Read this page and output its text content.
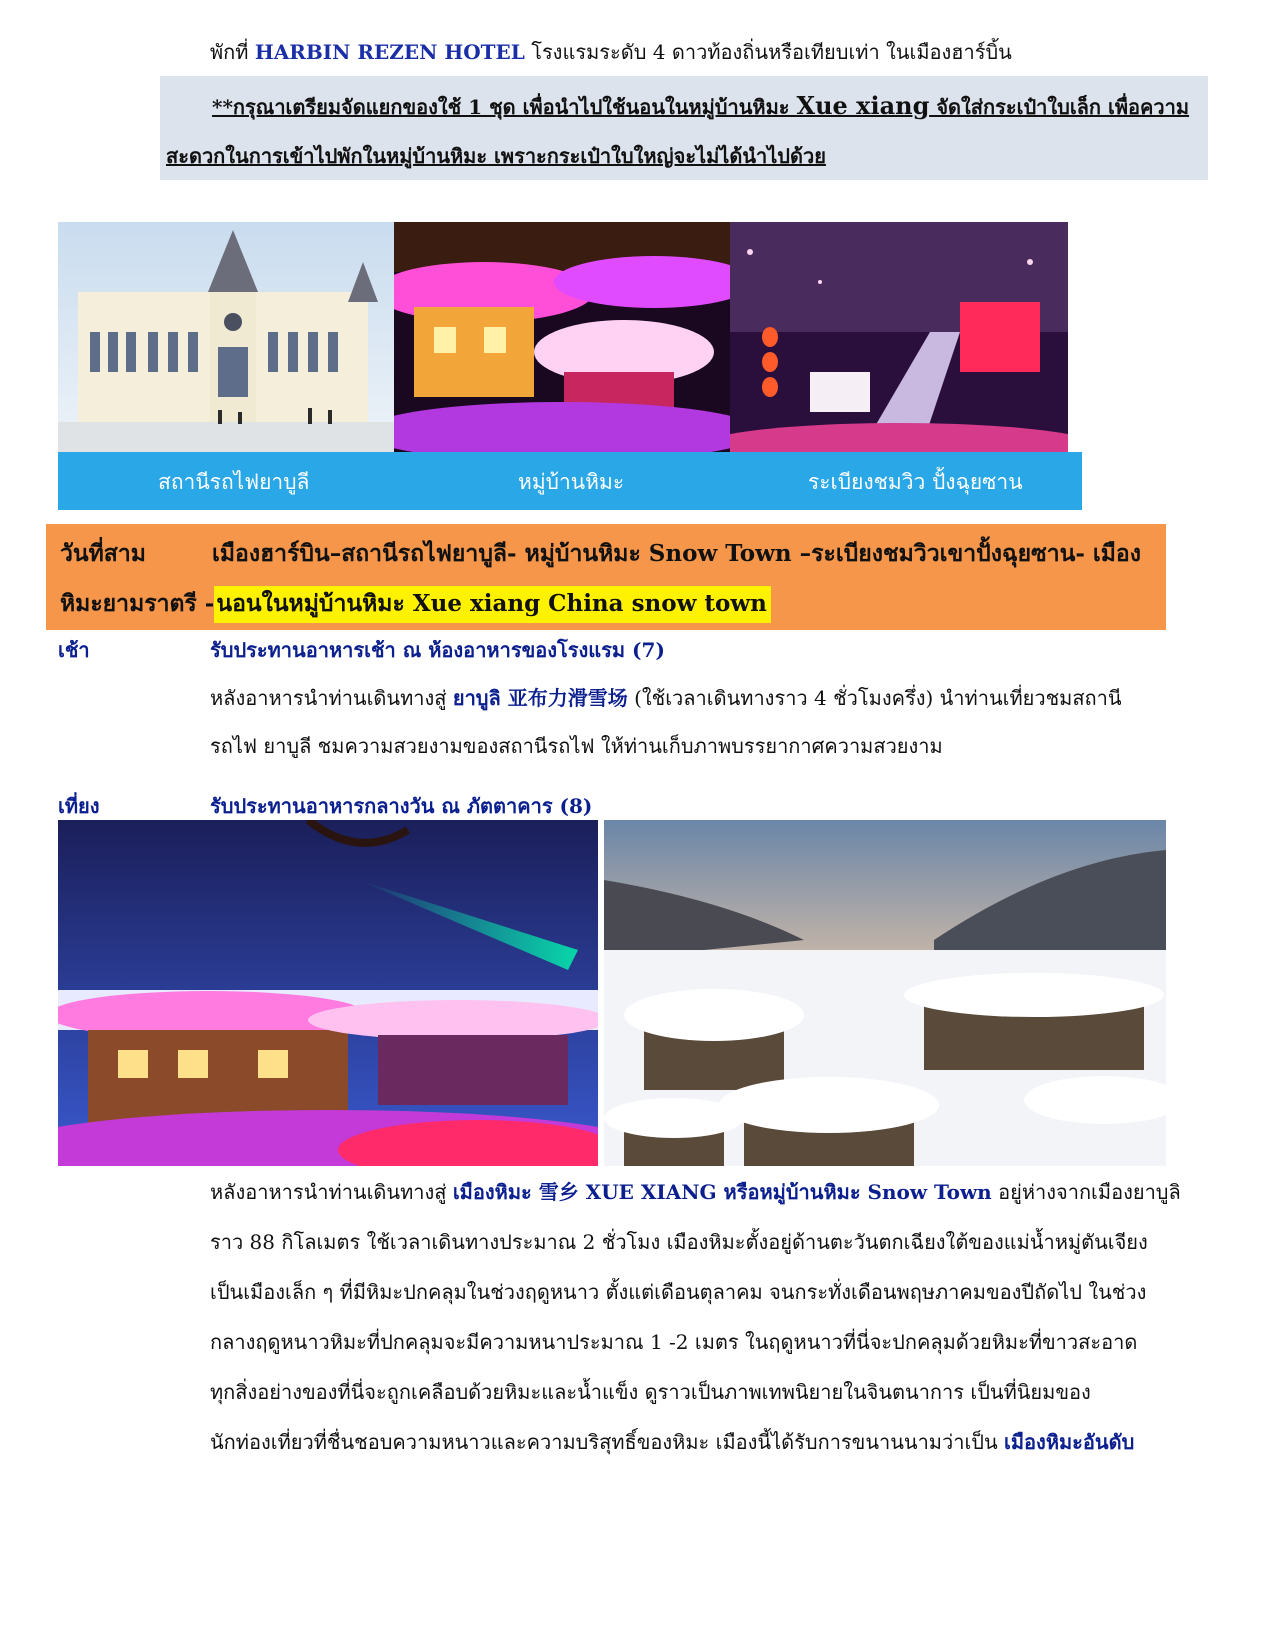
พักที่ HARBIN REZEN HOTEL โรงแรมระดับ 4 ดาวท้องถิ่นหรือเทียบเท่า ในเมืองฮาร์บิ้น
**กรุณาเตรียมจัดแยกของใช้ 1 ชุด เพื่อนำไปใช้นอนในหมู่บ้านหิมะ Xue xiang จัดใส่กระเป๋าใบเล็ก เพื่อความ
สะดวกในการเข้าไปพักในหมู่บ้านหิมะ เพราะกระเป๋าใบใหญ่จะไม่ได้นำไปด้วย
สถานีรถไฟยาบูลี	หมู่บ้านหิมะ	ระเบียงชมวิว ปั้งฉุยซาน
วันที่สาม	เมืองฮาร์บิน–สถานีรถไฟยาบูลี- หมู่บ้านหิมะ Snow Town –ระเบียงชมวิวเขาปั้งฉุยซาน- เมือง
หิมะยามราตรี -นอนในหมู่บ้านหิมะ Xue xiang China snow town
เช้า	รับประทานอาหารเช้า ณ ห้องอาหารของโรงแรม (7)
หลังอาหารนำท่านเดินทางสู่ ยาบูลิ 亚布力滑雪场 (ใช้เวลาเดินทางราว 4 ชั่วโมงครึ่ง) นำท่านเที่ยวชมสถานี
รถไฟ ยาบูลี ชมความสวยงามของสถานีรถไฟ ให้ท่านเก็บภาพบรรยากาศความสวยงาม
เที่ยง	รับประทานอาหารกลางวัน ณ ภัตตาคาร (8)
หลังอาหารนำท่านเดินทางสู่ เมืองหิมะ 雪乡 XUE XIANG หรือหมู่บ้านหิมะ Snow Town อยู่ห่างจากเมืองยาบูลิ
ราว 88 กิโลเมตร ใช้เวลาเดินทางประมาณ 2 ชั่วโมง เมืองหิมะตั้งอยู่ด้านตะวันตกเฉียงใต้ของแม่น้ำหมู่ตันเจียง
เป็นเมืองเล็ก ๆ ที่มีหิมะปกคลุมในช่วงฤดูหนาว ตั้งแต่เดือนตุลาคม จนกระทั่งเดือนพฤษภาคมของปีถัดไป ในช่วง
กลางฤดูหนาวหิมะที่ปกคลุมจะมีความหนาประมาณ 1 -2 เมตร ในฤดูหนาวที่นี่จะปกคลุมด้วยหิมะที่ขาวสะอาด
ทุกสิ่งอย่างของที่นี่จะถูกเคลือบด้วยหิมะและน้ำแข็ง ดูราวเป็นภาพเทพนิยายในจินตนาการ เป็นที่นิยมของ
นักท่องเที่ยวที่ชื่นชอบความหนาวและความบริสุทธิ์ของหิมะ เมืองนี้ได้รับการขนานนามว่าเป็น เมืองหิมะอันดับ
